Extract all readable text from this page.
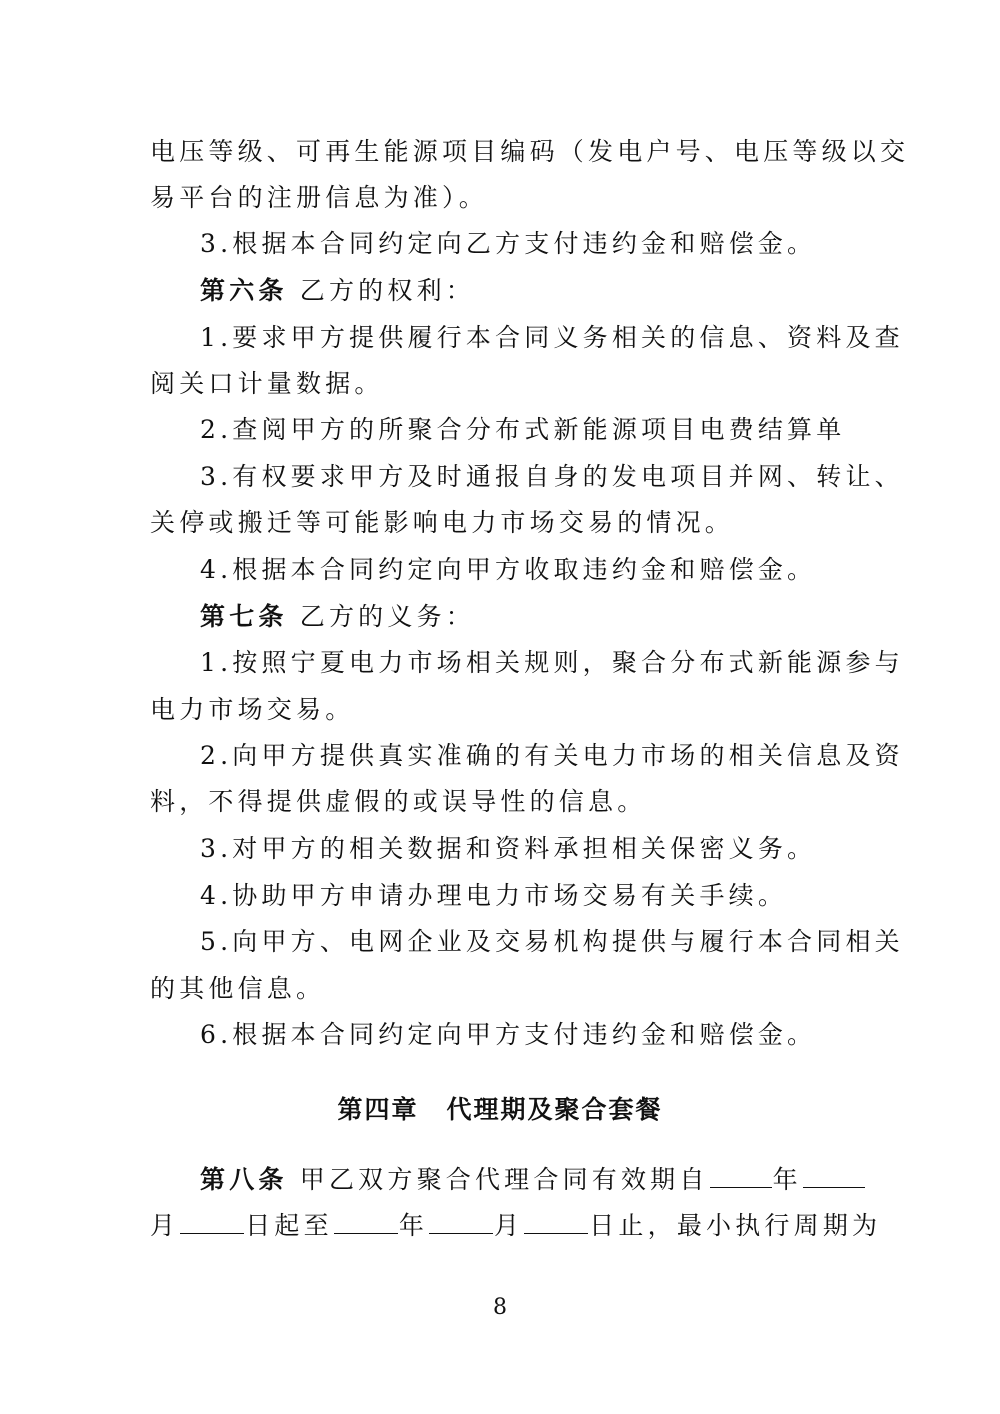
电压等级、可再生能源项目编码（发电户号、电压等级以交
易平台的注册信息为准）。
3.根据本合同约定向乙方支付违约金和赔偿金。
第六条 乙方的权利：
1.要求甲方提供履行本合同义务相关的信息、资料及查
阅关口计量数据。
2.查阅甲方的所聚合分布式新能源项目电费结算单
3.有权要求甲方及时通报自身的发电项目并网、转让、
关停或搬迁等可能影响电力市场交易的情况。
4.根据本合同约定向甲方收取违约金和赔偿金。
第七条 乙方的义务：
1.按照宁夏电力市场相关规则，聚合分布式新能源参与
电力市场交易。
2.向甲方提供真实准确的有关电力市场的相关信息及资
料，不得提供虚假的或误导性的信息。
3.对甲方的相关数据和资料承担相关保密义务。
4.协助甲方申请办理电力市场交易有关手续。
5.向甲方、电网企业及交易机构提供与履行本合同相关
的其他信息。
6.根据本合同约定向甲方支付违约金和赔偿金。
第四章 代理期及聚合套餐
第八条 甲乙双方聚合代理合同有效期自	年
月	日起至	年	月	日止，最小执行周期为
8
